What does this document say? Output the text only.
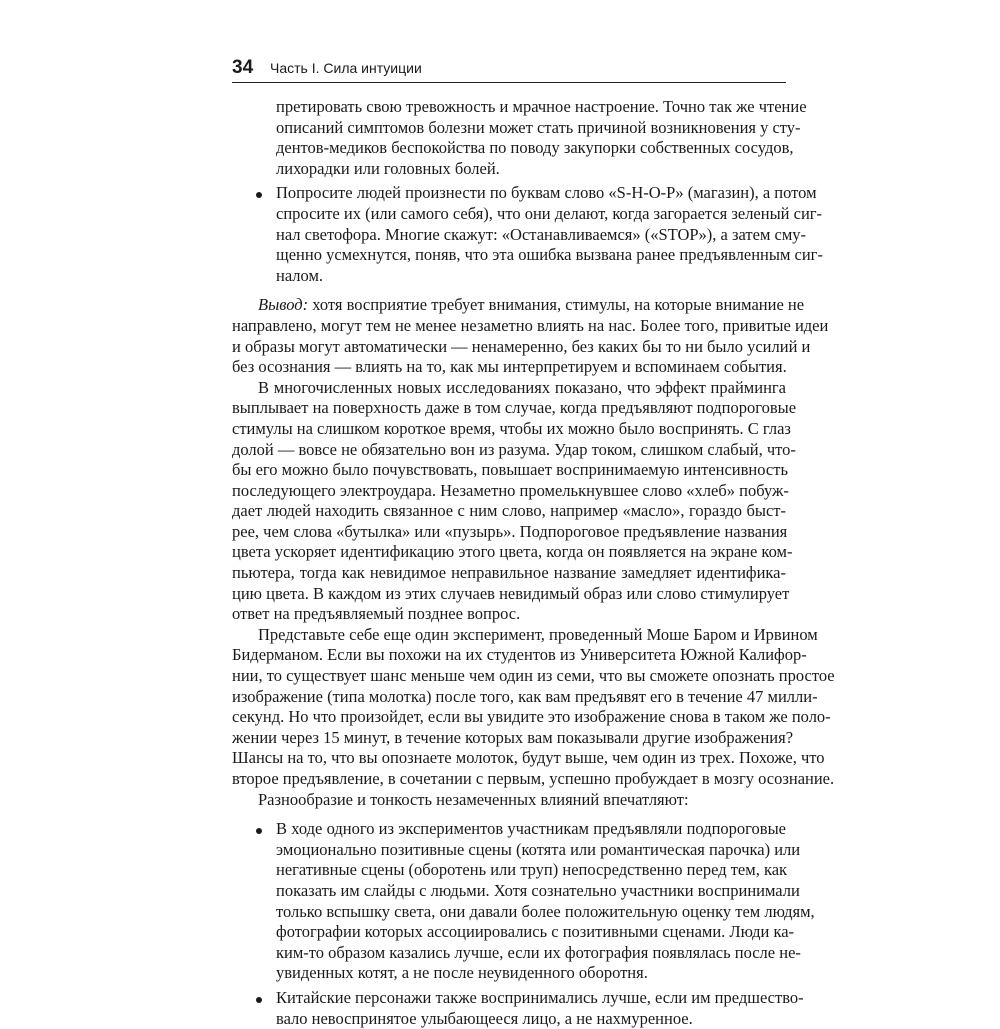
34 Часть I. Сила интуиции
претировать свою тревожность и мрачное настроение. Точно так же чтение
описаний симптомов болезни может стать причиной возникновения у сту-
дентов-медиков беспокойства по поводу закупорки собственных сосудов,
лихорадки или головных болей.
Попросите людей произнести по буквам слово «S-H-O-P» (магазин), а потом
спросите их (или самого себя), что они делают, когда загорается зеленый сиг-
нал светофора. Многие скажут: «Останавливаемся» («STOP»), а затем сму-
щенно усмехнутся, поняв, что эта ошибка вызвана ранее предъявленным сиг-
налом.
Вывод: хотя восприятие требует внимания, стимулы, на которые внимание не
направлено, могут тем не менее незаметно влиять на нас. Более того, привитые идеи
и образы могут автоматически — ненамеренно, без каких бы то ни было усилий и
без осознания — влиять на то, как мы интерпретируем и вспоминаем события.
В многочисленных новых исследованиях показано, что эффект прайминга
выплывает на поверхность даже в том случае, когда предъявляют подпороговые
стимулы на слишком короткое время, чтобы их можно было воспринять. С глаз
долой — вовсе не обязательно вон из разума. Удар током, слишком слабый, что-
бы его можно было почувствовать, повышает воспринимаемую интенсивность
последующего электроудара. Незаметно промелькнувшее слово «хлеб» побуж-
дает людей находить связанное с ним слово, например «масло», гораздо быст-
рее, чем слова «бутылка» или «пузырь». Подпороговое предъявление названия
цвета ускоряет идентификацию этого цвета, когда он появляется на экране ком-
пьютера, тогда как невидимое неправильное название замедляет идентифика-
цию цвета. В каждом из этих случаев невидимый образ или слово стимулирует
ответ на предъявляемый позднее вопрос.
Представьте себе еще один эксперимент, проведенный Моше Баром и Ирвином
Бидерманом. Если вы похожи на их студентов из Университета Южной Калифор-
нии, то существует шанс меньше чем один из семи, что вы сможете опознать простое
изображение (типа молотка) после того, как вам предъявят его в течение 47 милли-
секунд. Но что произойдет, если вы увидите это изображение снова в таком же поло-
жении через 15 минут, в течение которых вам показывали другие изображения?
Шансы на то, что вы опознаете молоток, будут выше, чем один из трех. Похоже, что
второе предъявление, в сочетании с первым, успешно пробуждает в мозгу осознание.
Разнообразие и тонкость незамеченных влияний впечатляют:
В ходе одного из экспериментов участникам предъявляли подпороговые
эмоционально позитивные сцены (котята или романтическая парочка) или
негативные сцены (оборотень или труп) непосредственно перед тем, как
показать им слайды с людьми. Хотя сознательно участники воспринимали
только вспышку света, они давали более положительную оценку тем людям,
фотографии которых ассоциировались с позитивными сценами. Люди ка-
ким-то образом казались лучше, если их фотография появлялась после не-
увиденных котят, а не после неувиденного оборотня.
Китайские персонажи также воспринимались лучше, если им предшество-
вало невоспринятое улыбающееся лицо, а не нахмуренное.
